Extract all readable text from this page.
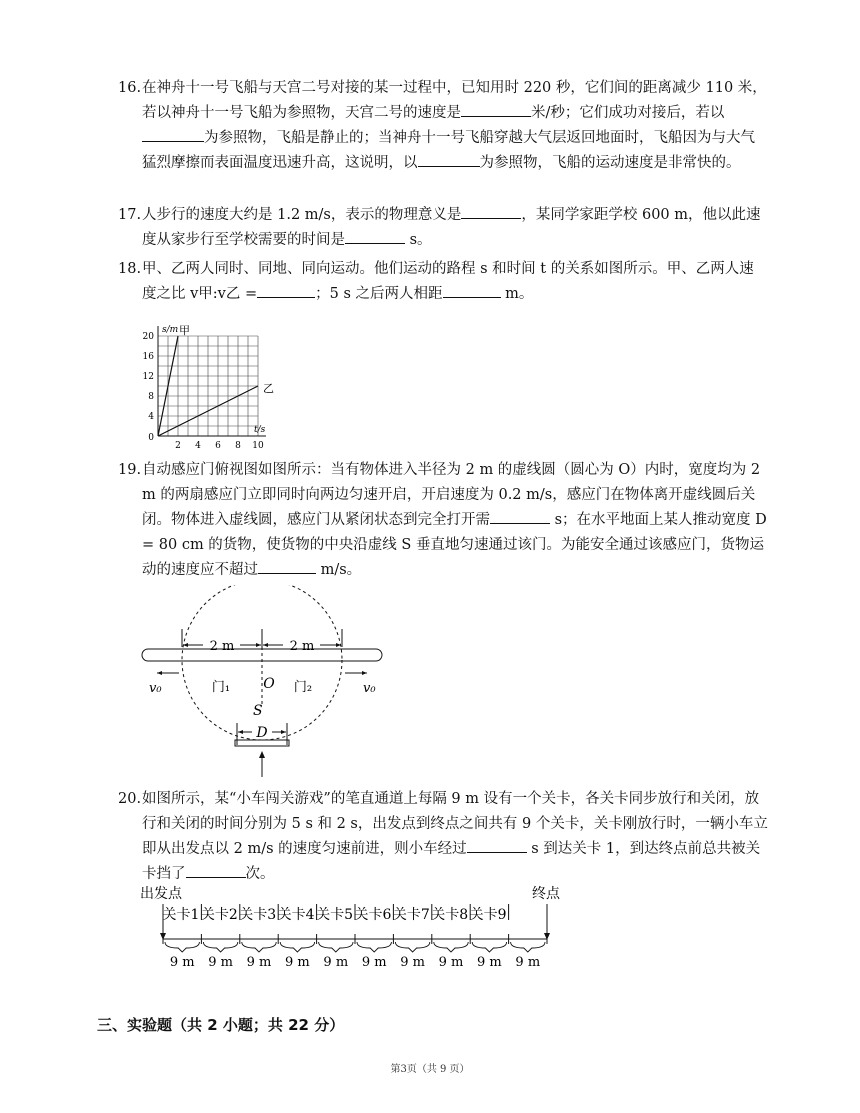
16. 在神舟十一号飞船与天宫二号对接的某一过程中，已知用时 220 秒，它们间的距离减少 110 米，若以神舟十一号飞船为参照物，天宫二号的速度是	米/秒；它们成功对接后，若以为参照物，飞船是静止的；当神舟十一号飞船穿越大气层返回地面时，飞船因为与大气猛烈摩擦而表面温度迅速升高，这说明，以	为参照物，飞船的运动速度是非常快的。
17. 人步行的速度大约是 1.2 m/s，表示的物理意义是	，某同学家距学校 600 m，他以此速度从家步行至学校需要的时间是	s。
18. 甲、乙两人同时、同地、同向运动。他们运动的路程 s 和时间 t 的关系如图所示。甲、乙两人速度之比 v甲:v乙 =	；5 s 之后两人相距	m。
20
16
12
8
4
2 4 6 8 10
0
s/m
t/s
甲
乙
19. 自动感应门俯视图如图所示：当有物体进入半径为 2 m 的虚线圆（圆心为 O）内时，宽度均为 2 m 的两扇感应门立即同时向两边匀速开启，开启速度为 0.2 m/s，感应门在物体离开虚线圆后关闭。物体进入虚线圆，感应门从紧闭状态到完全打开需	s；在水平地面上某人推动宽度 D = 80 cm 的货物，使货物的中央沿虚线 S 垂直地匀速通过该门。为能安全通过该感应门，货物运动的速度应不超过	m/s。
2 m	2 m
v₀	v₀
门₁	门₂
O
S
D
20. 如图所示，某“小车闯关游戏”的笔直通道上每隔 9 m 设有一个关卡，各关卡同步放行和关闭，放行和关闭的时间分别为 5 s 和 2 s，出发点到终点之间共有 9 个关卡，关卡刚放行时，一辆小车立即从出发点以 2 m/s 的速度匀速前进，则小车经过	s 到达关卡 1，到达终点前总共被关卡挡了	次。
出发点	终点
关卡1 关卡2 关卡3 关卡4 关卡5 关卡6 关卡7 关卡8 关卡9
9 m 9 m 9 m 9 m 9 m 9 m 9 m 9 m 9 m 9 m
三、实验题（共 2 小题；共 22 分）
第3页（共 9 页）
